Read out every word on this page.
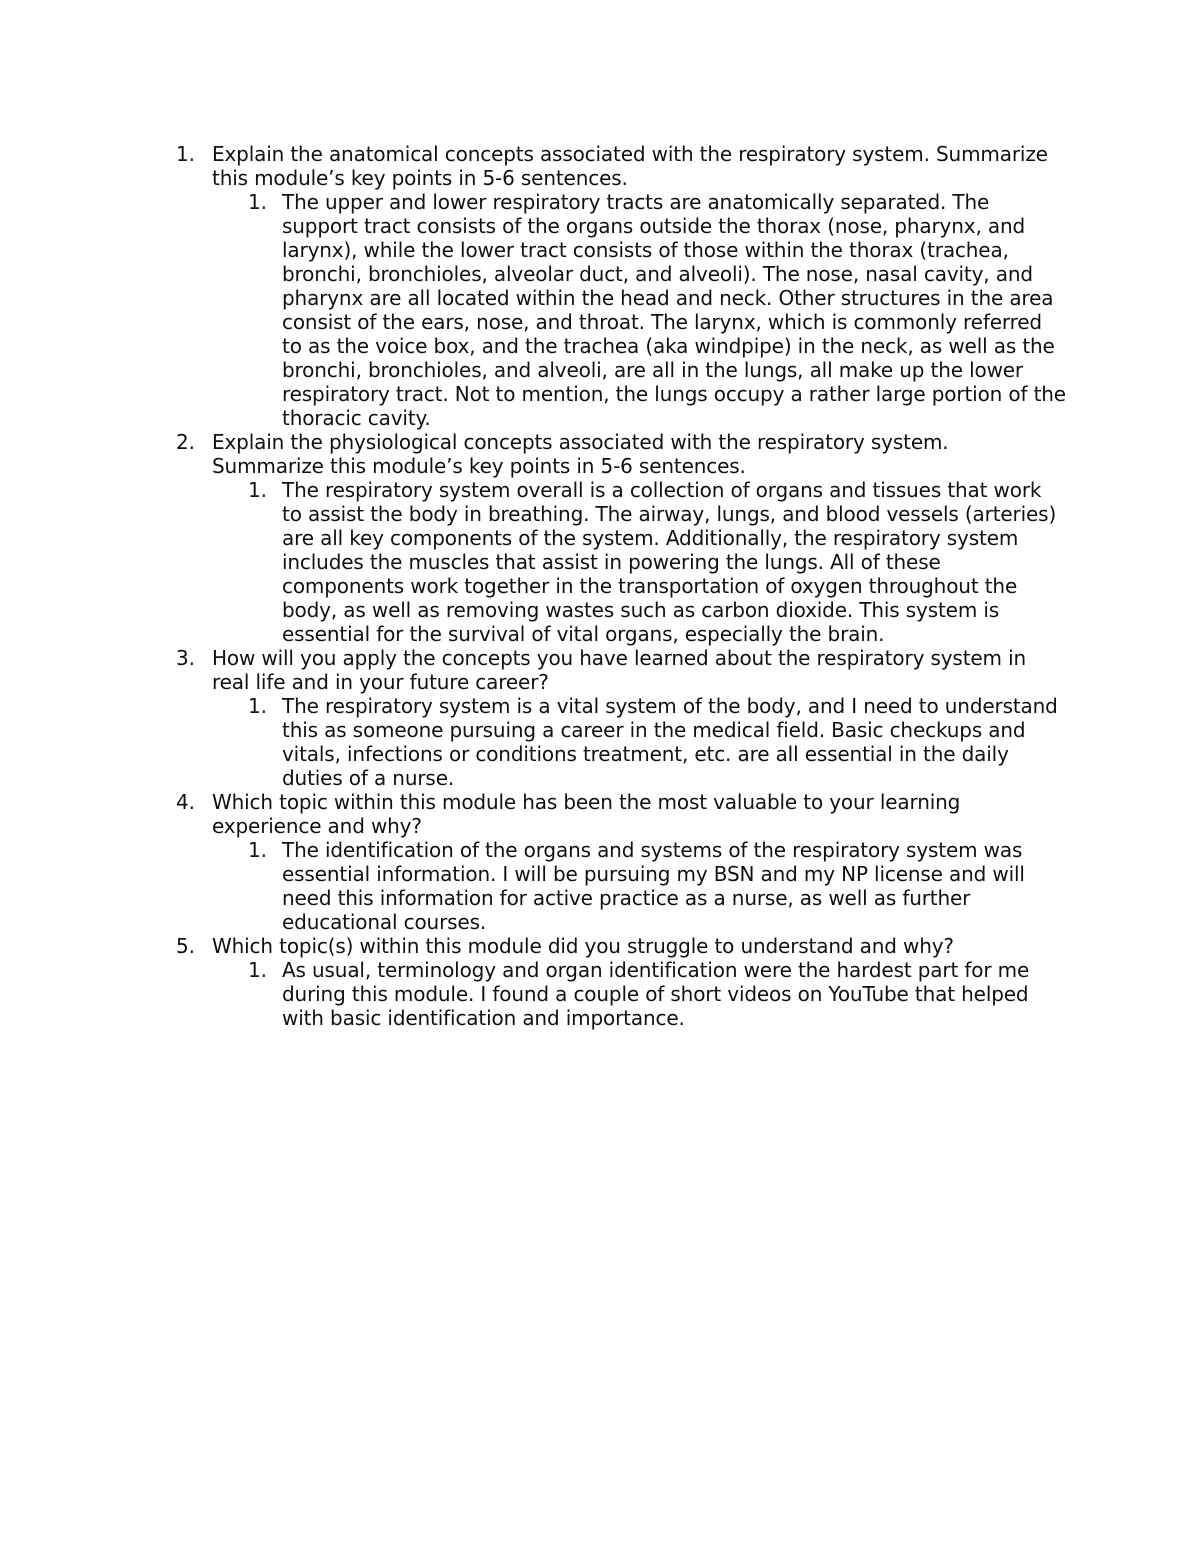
1. Explain the anatomical concepts associated with the respiratory system. Summarize this module’s key points in 5-6 sentences.
1. The upper and lower respiratory tracts are anatomically separated. The support tract consists of the organs outside the thorax (nose, pharynx, and larynx), while the lower tract consists of those within the thorax (trachea, bronchi, bronchioles, alveolar duct, and alveoli). The nose, nasal cavity, and pharynx are all located within the head and neck. Other structures in the area consist of the ears, nose, and throat. The larynx, which is commonly referred to as the voice box, and the trachea (aka windpipe) in the neck, as well as the bronchi, bronchioles, and alveoli, are all in the lungs, all make up the lower respiratory tract. Not to mention, the lungs occupy a rather large portion of the thoracic cavity.
2. Explain the physiological concepts associated with the respiratory system. Summarize this module’s key points in 5-6 sentences.
1. The respiratory system overall is a collection of organs and tissues that work to assist the body in breathing. The airway, lungs, and blood vessels (arteries) are all key components of the system. Additionally, the respiratory system includes the muscles that assist in powering the lungs. All of these components work together in the transportation of oxygen throughout the body, as well as removing wastes such as carbon dioxide. This system is essential for the survival of vital organs, especially the brain.
3. How will you apply the concepts you have learned about the respiratory system in real life and in your future career?
1. The respiratory system is a vital system of the body, and I need to understand this as someone pursuing a career in the medical field. Basic checkups and vitals, infections or conditions treatment, etc. are all essential in the daily duties of a nurse.
4. Which topic within this module has been the most valuable to your learning experience and why?
1. The identification of the organs and systems of the respiratory system was essential information. I will be pursuing my BSN and my NP license and will need this information for active practice as a nurse, as well as further educational courses.
5. Which topic(s) within this module did you struggle to understand and why?
1. As usual, terminology and organ identification were the hardest part for me during this module. I found a couple of short videos on YouTube that helped with basic identification and importance.
